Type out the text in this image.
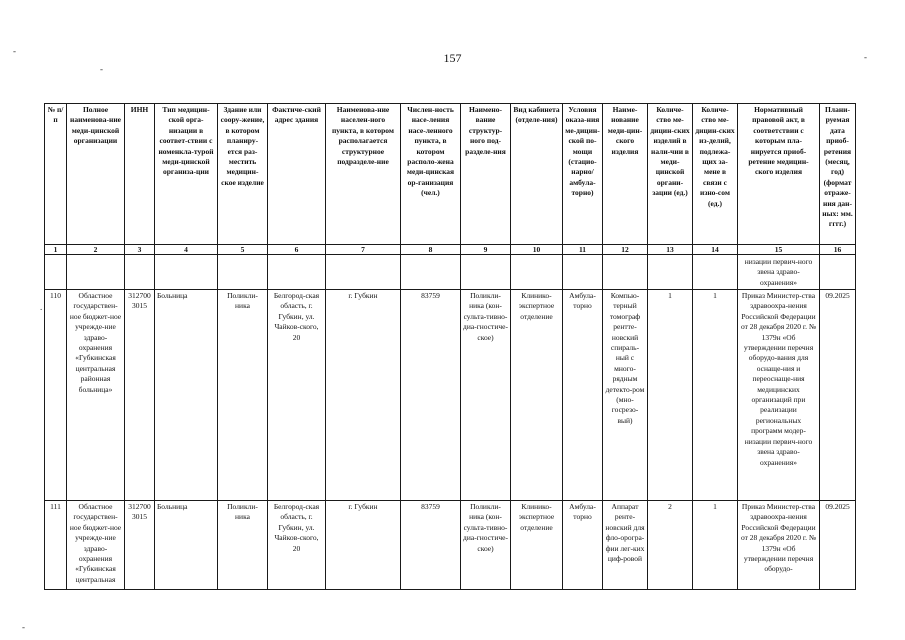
157
-
-
-
.
-
№ п/п	Полное наименова-ние меди-цинской организации	ИНН	Тип медицин-ской орга-низации в соответ-ствии с номенкла-турой меди-цинской организа-ции	Здание или соору-жение, в котором планиру-ется раз-местить медицин-ское изделие	Фактиче-ский адрес здания	Наименова-ние населен-ного пункта, в котором располагается структурное подразделе-ние	Числен-ность насе-ления насе-ленного пункта, в котором располо-жена меди-цинская ор-ганизация (чел.)	Наимено-вание структур-ного под-разделе-ния	Вид кабинета (отделе-ния)	Условия оказа-ния ме-дицин-ской по-мощи (стацио-нарно/ амбула-торно)	Наиме-нование меди-цин-ского изделия	Количе-ство ме-дицин-ских изделий в нали-чии в меди-цинской органи-зации (ед.)	Количе-ство ме-дицин-ских из-делий, подлежа-щих за-мене в связи с изно-сом (ед.)	Нормативный правовой акт, в соответствии с которым пла-нируется приоб-ретение медицин-ского изделия	Плани-руемая дата приоб-ретения (месяц, год) (формат отраже-ния дан-ных: мм. гггг.)
1	2	3	4	5	6	7	8	9	10	11	12	13	14	15	16
														низации первич-ного звена здраво-охранения»	
110	Областное государствен-ное бюджет-ное учрежде-ние здраво-охранения «Губкинская центральная районная больница»	312700 3015	Больница	Поликли-ника	Белгород-ская область, г. Губкин, ул. Чайков-ского, 20	г. Губкин	83759	Поликли-ника (кон-сульта-тивно-диа-гностиче-ское)	Клинико-экспертное отделение	Амбула-торно	Компью-терный томограф рентте-новский спираль-ный с много-рядным детекто-ром (мно-госрезо-вый)	1	1	Приказ Министер-ства здравоохра-нения Российской Федерации от 28 декабря 2020 г. № 1379н «Об утверждении перечня оборудо-вания для оснаще-ния и переоснаще-ния медицинских организаций при реализации региональных программ модер-низации первич-ного звена здраво-охранения»	09.2025
111	Областное государствен-ное бюджет-ное учрежде-ние здраво-охранения «Губкинская центральная	312700 3015	Больница	Поликли-ника	Белгород-ская область, г. Губкин, ул. Чайков-ского, 20	г. Губкин	83759	Поликли-ника (кон-сульта-тивно-диа-гностиче-ское)	Клинико-экспертное отделение	Амбула-торно	Аппарат ренте-новский для фло-орогра-фии лег-ких циф-ровой	2	1	Приказ Министер-ства здравоохра-нения Российской Федерации от 28 декабря 2020 г. № 1379н «Об утверждении перечня оборудо-	09.2025
